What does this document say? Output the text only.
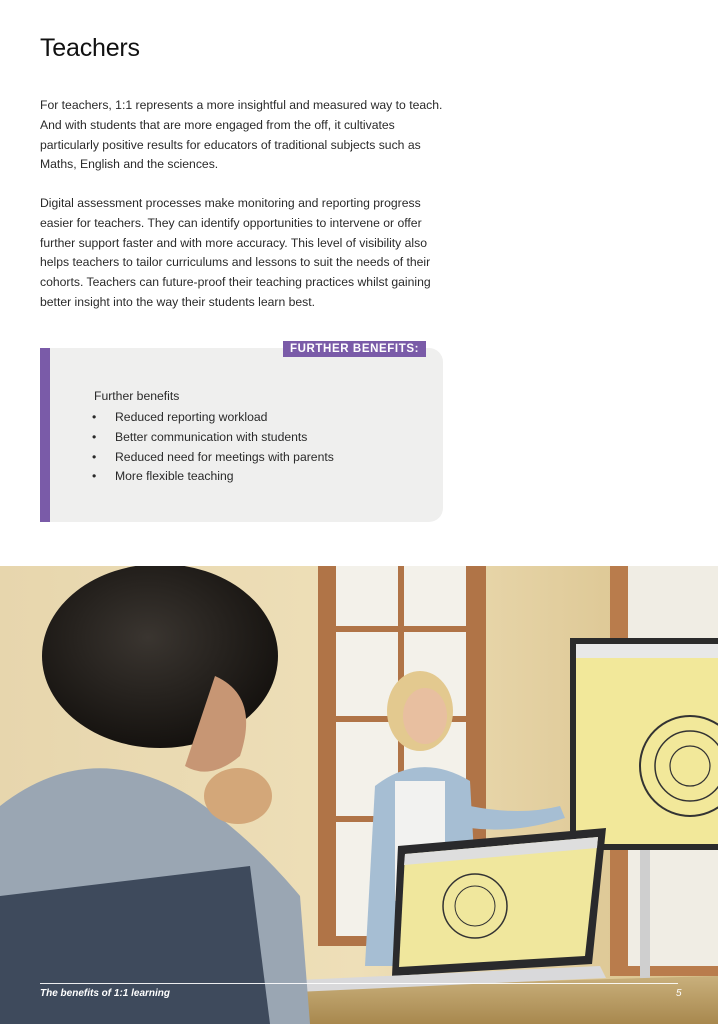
Teachers

For teachers, 1:1 represents a more insightful and measured way to teach. And with students that are more engaged from the off, it cultivates particularly positive results for educators of traditional subjects such as Maths, English and the sciences.

Digital assessment processes make monitoring and reporting progress easier for teachers. They can identify opportunities to intervene or offer further support faster and with more accuracy. This level of visibility also helps teachers to tailor curriculums and lessons to suit the needs of their cohorts. Teachers can future-proof their teaching practices whilst gaining better insight into the way their students learn best.

FURTHER BENEFITS:

Further benefits

• Reduced reporting workload
• Better communication with students
• Reduced need for meetings with parents
• More flexible teaching
The benefits of 1:1 learning	5
